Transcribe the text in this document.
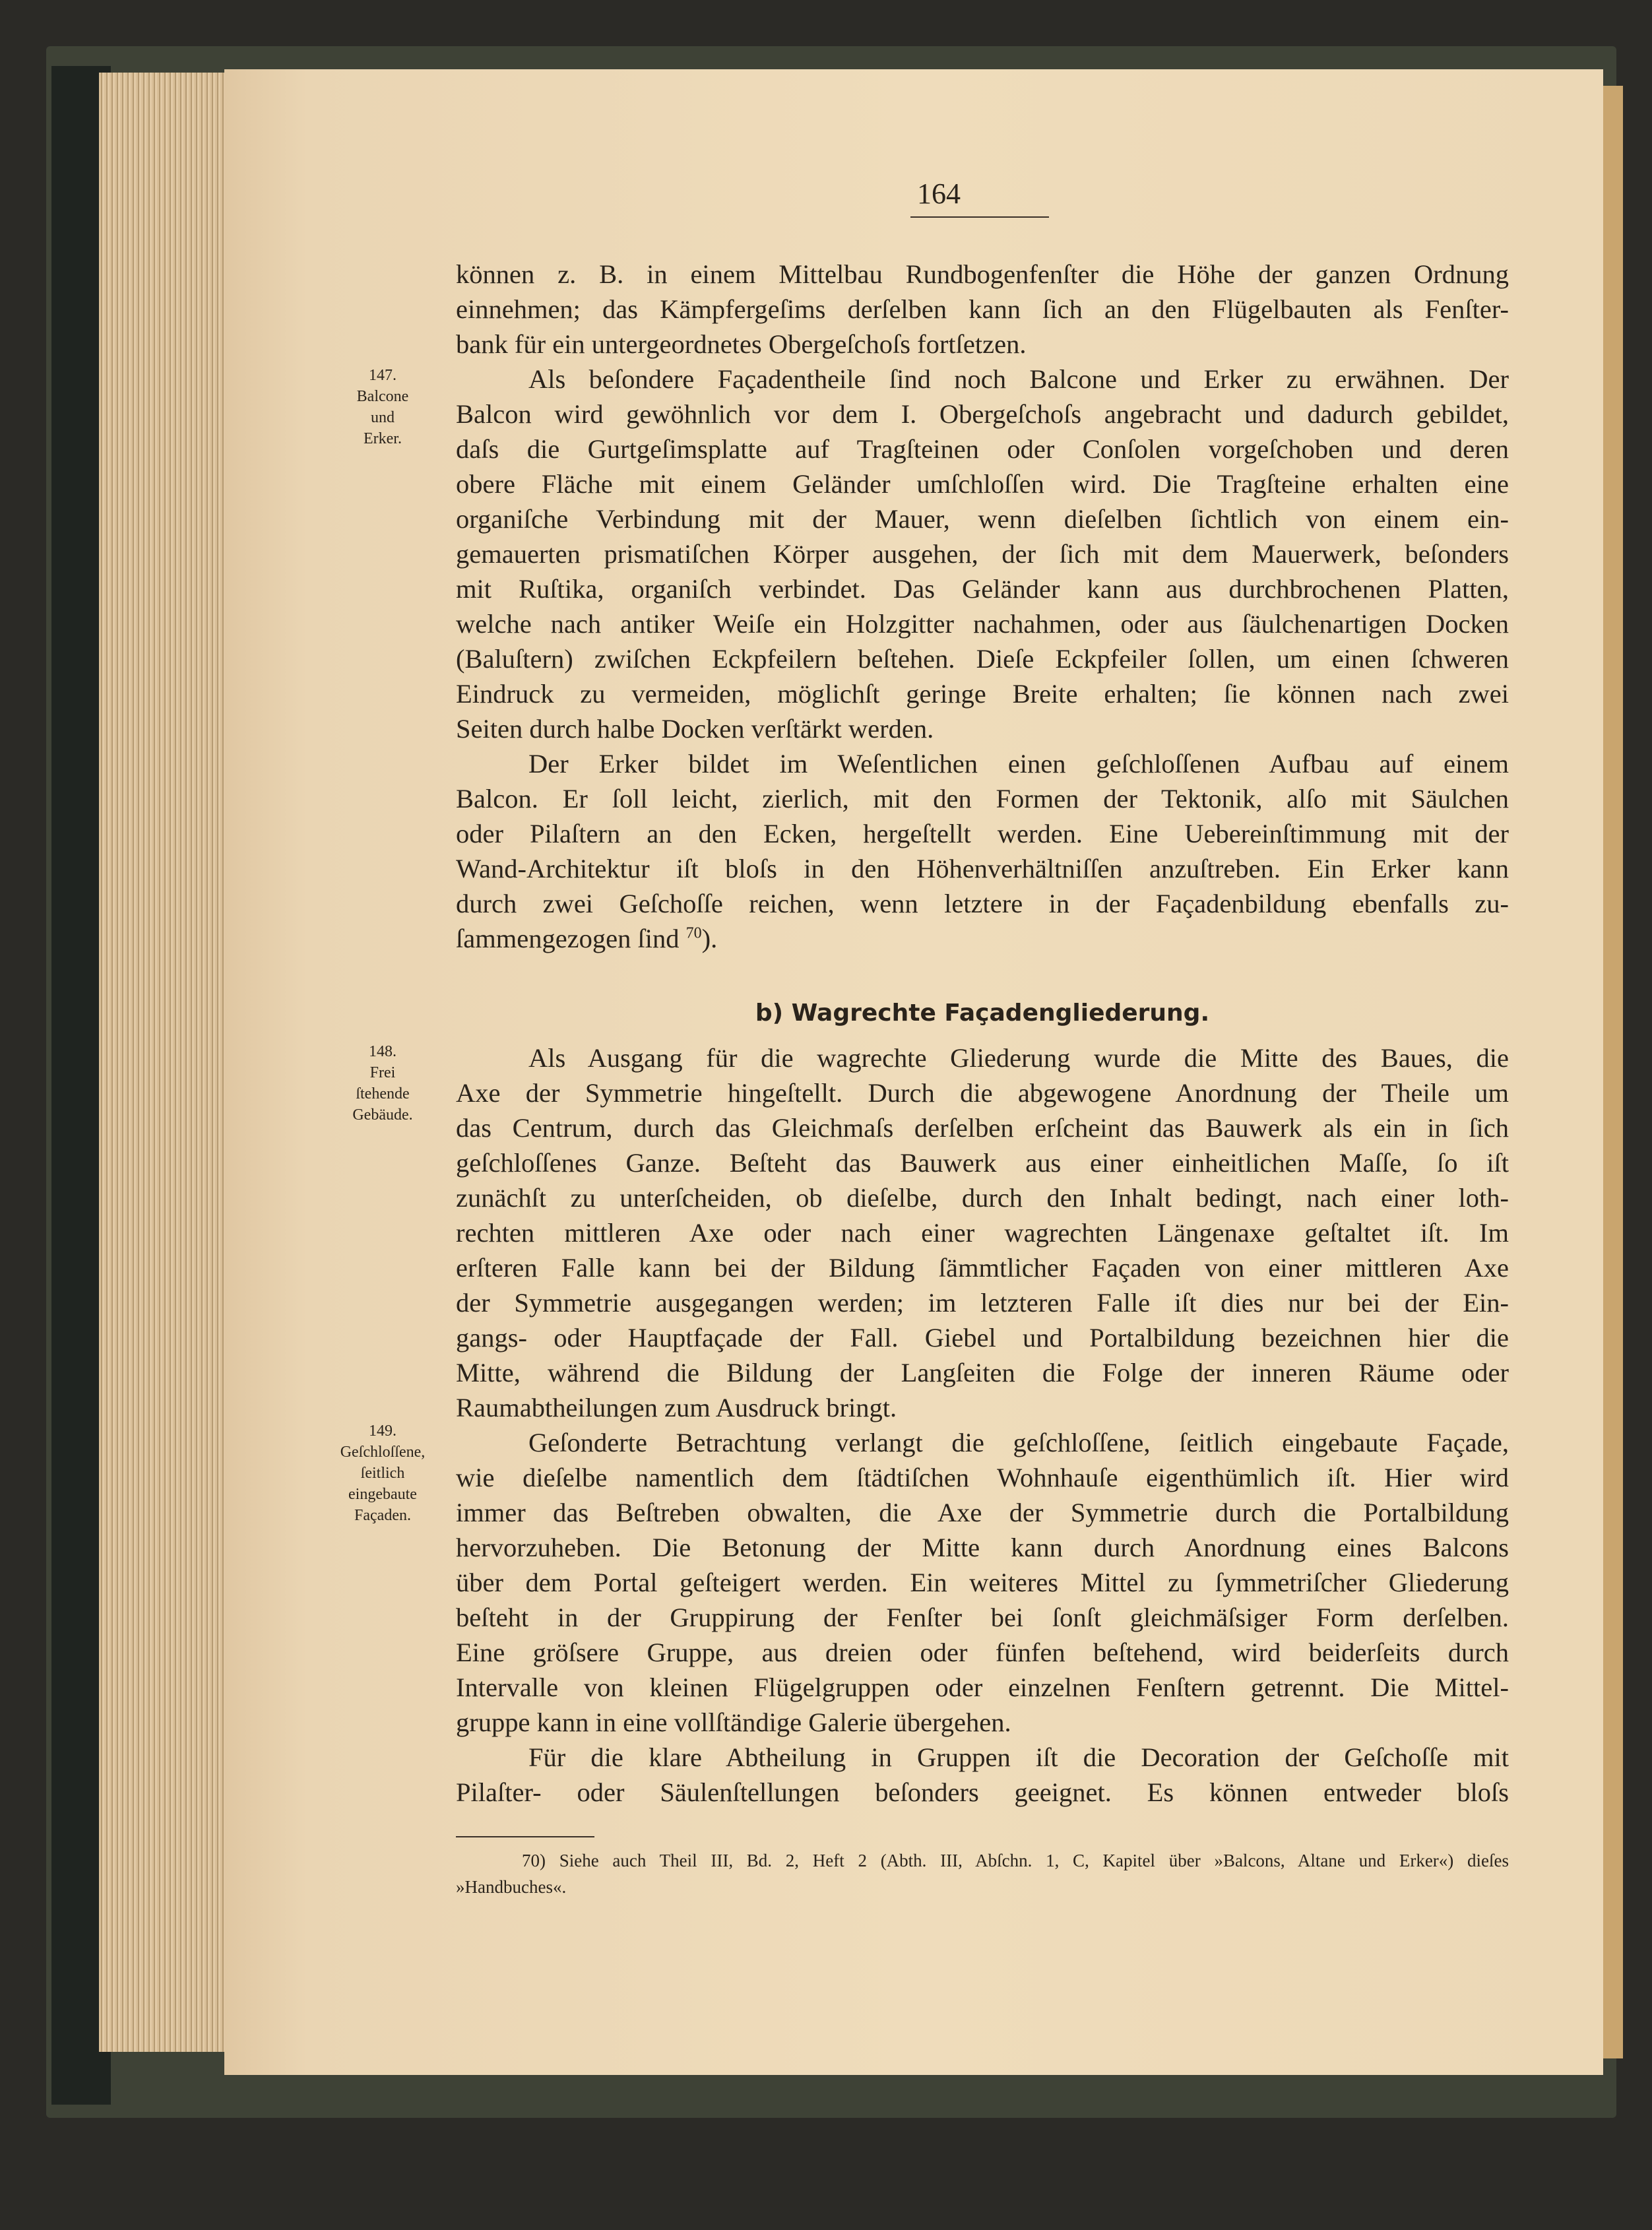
164
147.
Balcone
und
Erker.
148.
Frei
ſtehende
Gebäude.
149.
Geſchloſſene,
ſeitlich
eingebaute
Façaden.
können z. B. in einem Mittelbau Rundbogenfenſter die Höhe der ganzen Ordnung
einnehmen; das Kämpfergeſims derſelben kann ſich an den Flügelbauten als Fenſter-
bank für ein untergeordnetes Obergeſchoſs fortſetzen.
Als beſondere Façadentheile ſind noch Balcone und Erker zu erwähnen. Der
Balcon wird gewöhnlich vor dem I. Obergeſchoſs angebracht und dadurch gebildet,
daſs die Gurtgeſimsplatte auf Tragſteinen oder Conſolen vorgeſchoben und deren
obere Fläche mit einem Geländer umſchloſſen wird. Die Tragſteine erhalten eine
organiſche Verbindung mit der Mauer, wenn dieſelben ſichtlich von einem ein-
gemauerten prismatiſchen Körper ausgehen, der ſich mit dem Mauerwerk, beſonders
mit Ruſtika, organiſch verbindet. Das Geländer kann aus durchbrochenen Platten,
welche nach antiker Weiſe ein Holzgitter nachahmen, oder aus ſäulchenartigen Docken
(Baluſtern) zwiſchen Eckpfeilern beſtehen. Dieſe Eckpfeiler ſollen, um einen ſchweren
Eindruck zu vermeiden, möglichſt geringe Breite erhalten; ſie können nach zwei
Seiten durch halbe Docken verſtärkt werden.
Der Erker bildet im Weſentlichen einen geſchloſſenen Aufbau auf einem
Balcon. Er ſoll leicht, zierlich, mit den Formen der Tektonik, alſo mit Säulchen
oder Pilaſtern an den Ecken, hergeſtellt werden. Eine Uebereinſtimmung mit der
Wand-Architektur iſt bloſs in den Höhenverhältniſſen anzuſtreben. Ein Erker kann
durch zwei Geſchoſſe reichen, wenn letztere in der Façadenbildung ebenfalls zu-
ſammengezogen ſind $^{70}$).
b) Wagrechte Façadengliederung.
Als Ausgang für die wagrechte Gliederung wurde die Mitte des Baues, die
Axe der Symmetrie hingeſtellt. Durch die abgewogene Anordnung der Theile um
das Centrum, durch das Gleichmaſs derſelben erſcheint das Bauwerk als ein in ſich
geſchloſſenes Ganze. Beſteht das Bauwerk aus einer einheitlichen Maſſe, ſo iſt
zunächſt zu unterſcheiden, ob dieſelbe, durch den Inhalt bedingt, nach einer loth-
rechten mittleren Axe oder nach einer wagrechten Längenaxe geſtaltet iſt. Im
erſteren Falle kann bei der Bildung ſämmtlicher Façaden von einer mittleren Axe
der Symmetrie ausgegangen werden; im letzteren Falle iſt dies nur bei der Ein-
gangs- oder Hauptfaçade der Fall. Giebel und Portalbildung bezeichnen hier die
Mitte, während die Bildung der Langſeiten die Folge der inneren Räume oder
Raumabtheilungen zum Ausdruck bringt.
Geſonderte Betrachtung verlangt die geſchloſſene, ſeitlich eingebaute Façade,
wie dieſelbe namentlich dem ſtädtiſchen Wohnhauſe eigenthümlich iſt. Hier wird
immer das Beſtreben obwalten, die Axe der Symmetrie durch die Portalbildung
hervorzuheben. Die Betonung der Mitte kann durch Anordnung eines Balcons
über dem Portal geſteigert werden. Ein weiteres Mittel zu ſymmetriſcher Gliederung
beſteht in der Gruppirung der Fenſter bei ſonſt gleichmäſsiger Form derſelben.
Eine gröſsere Gruppe, aus dreien oder fünfen beſtehend, wird beiderſeits durch
Intervalle von kleinen Flügelgruppen oder einzelnen Fenſtern getrennt. Die Mittel-
gruppe kann in eine vollſtändige Galerie übergehen.
Für die klare Abtheilung in Gruppen iſt die Decoration der Geſchoſſe mit
Pilaſter- oder Säulenſtellungen beſonders geeignet. Es können entweder bloſs
70) Siehe auch Theil III, Bd. 2, Heft 2 (Abth. III, Abſchn. 1, C, Kapitel über »Balcons, Altane und Erker«) dieſes
»Handbuches«.
